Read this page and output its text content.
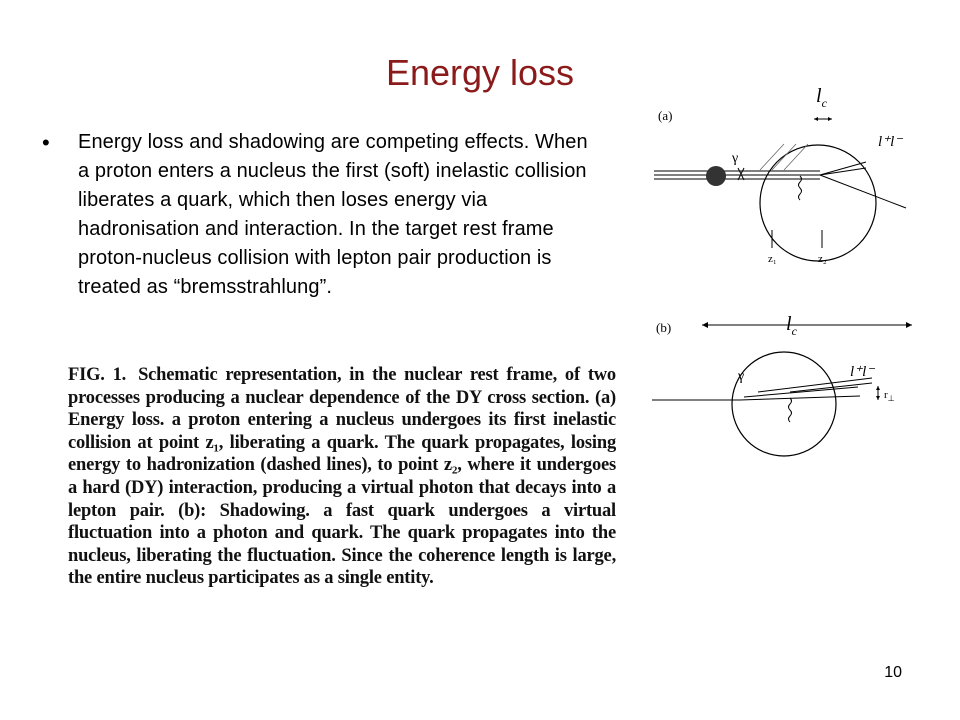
Energy loss
• Energy loss and shadowing are competing effects. When a proton enters a nucleus the first (soft) inelastic collision liberates a quark, which then loses energy via hadronisation and interaction. In the target rest frame proton-nucleus collision with lepton pair production is treated as “bremsstrahlung”.
FIG. 1. Schematic representation, in the nuclear rest frame, of two processes producing a nuclear dependence of the DY cross section. (a) Energy loss. a proton entering a nucleus undergoes its first inelastic collision at point z₁, liberating a quark. The quark propagates, losing energy to hadronization (dashed lines), to point z₂, where it undergoes a hard (DY) interaction, producing a virtual photon that decays into a lepton pair. (b): Shadowing. a fast quark undergoes a virtual fluctuation into a photon and quark. The quark propagates into the nucleus, liberating the fluctuation. Since the coherence length is large, the entire nucleus participates as a single entity.
(a)
$l_c$
γ
l⁺l⁻
z₁	z₂
(b)	$l_c$
γ	l⁺l⁻
$r_\perp$
10
